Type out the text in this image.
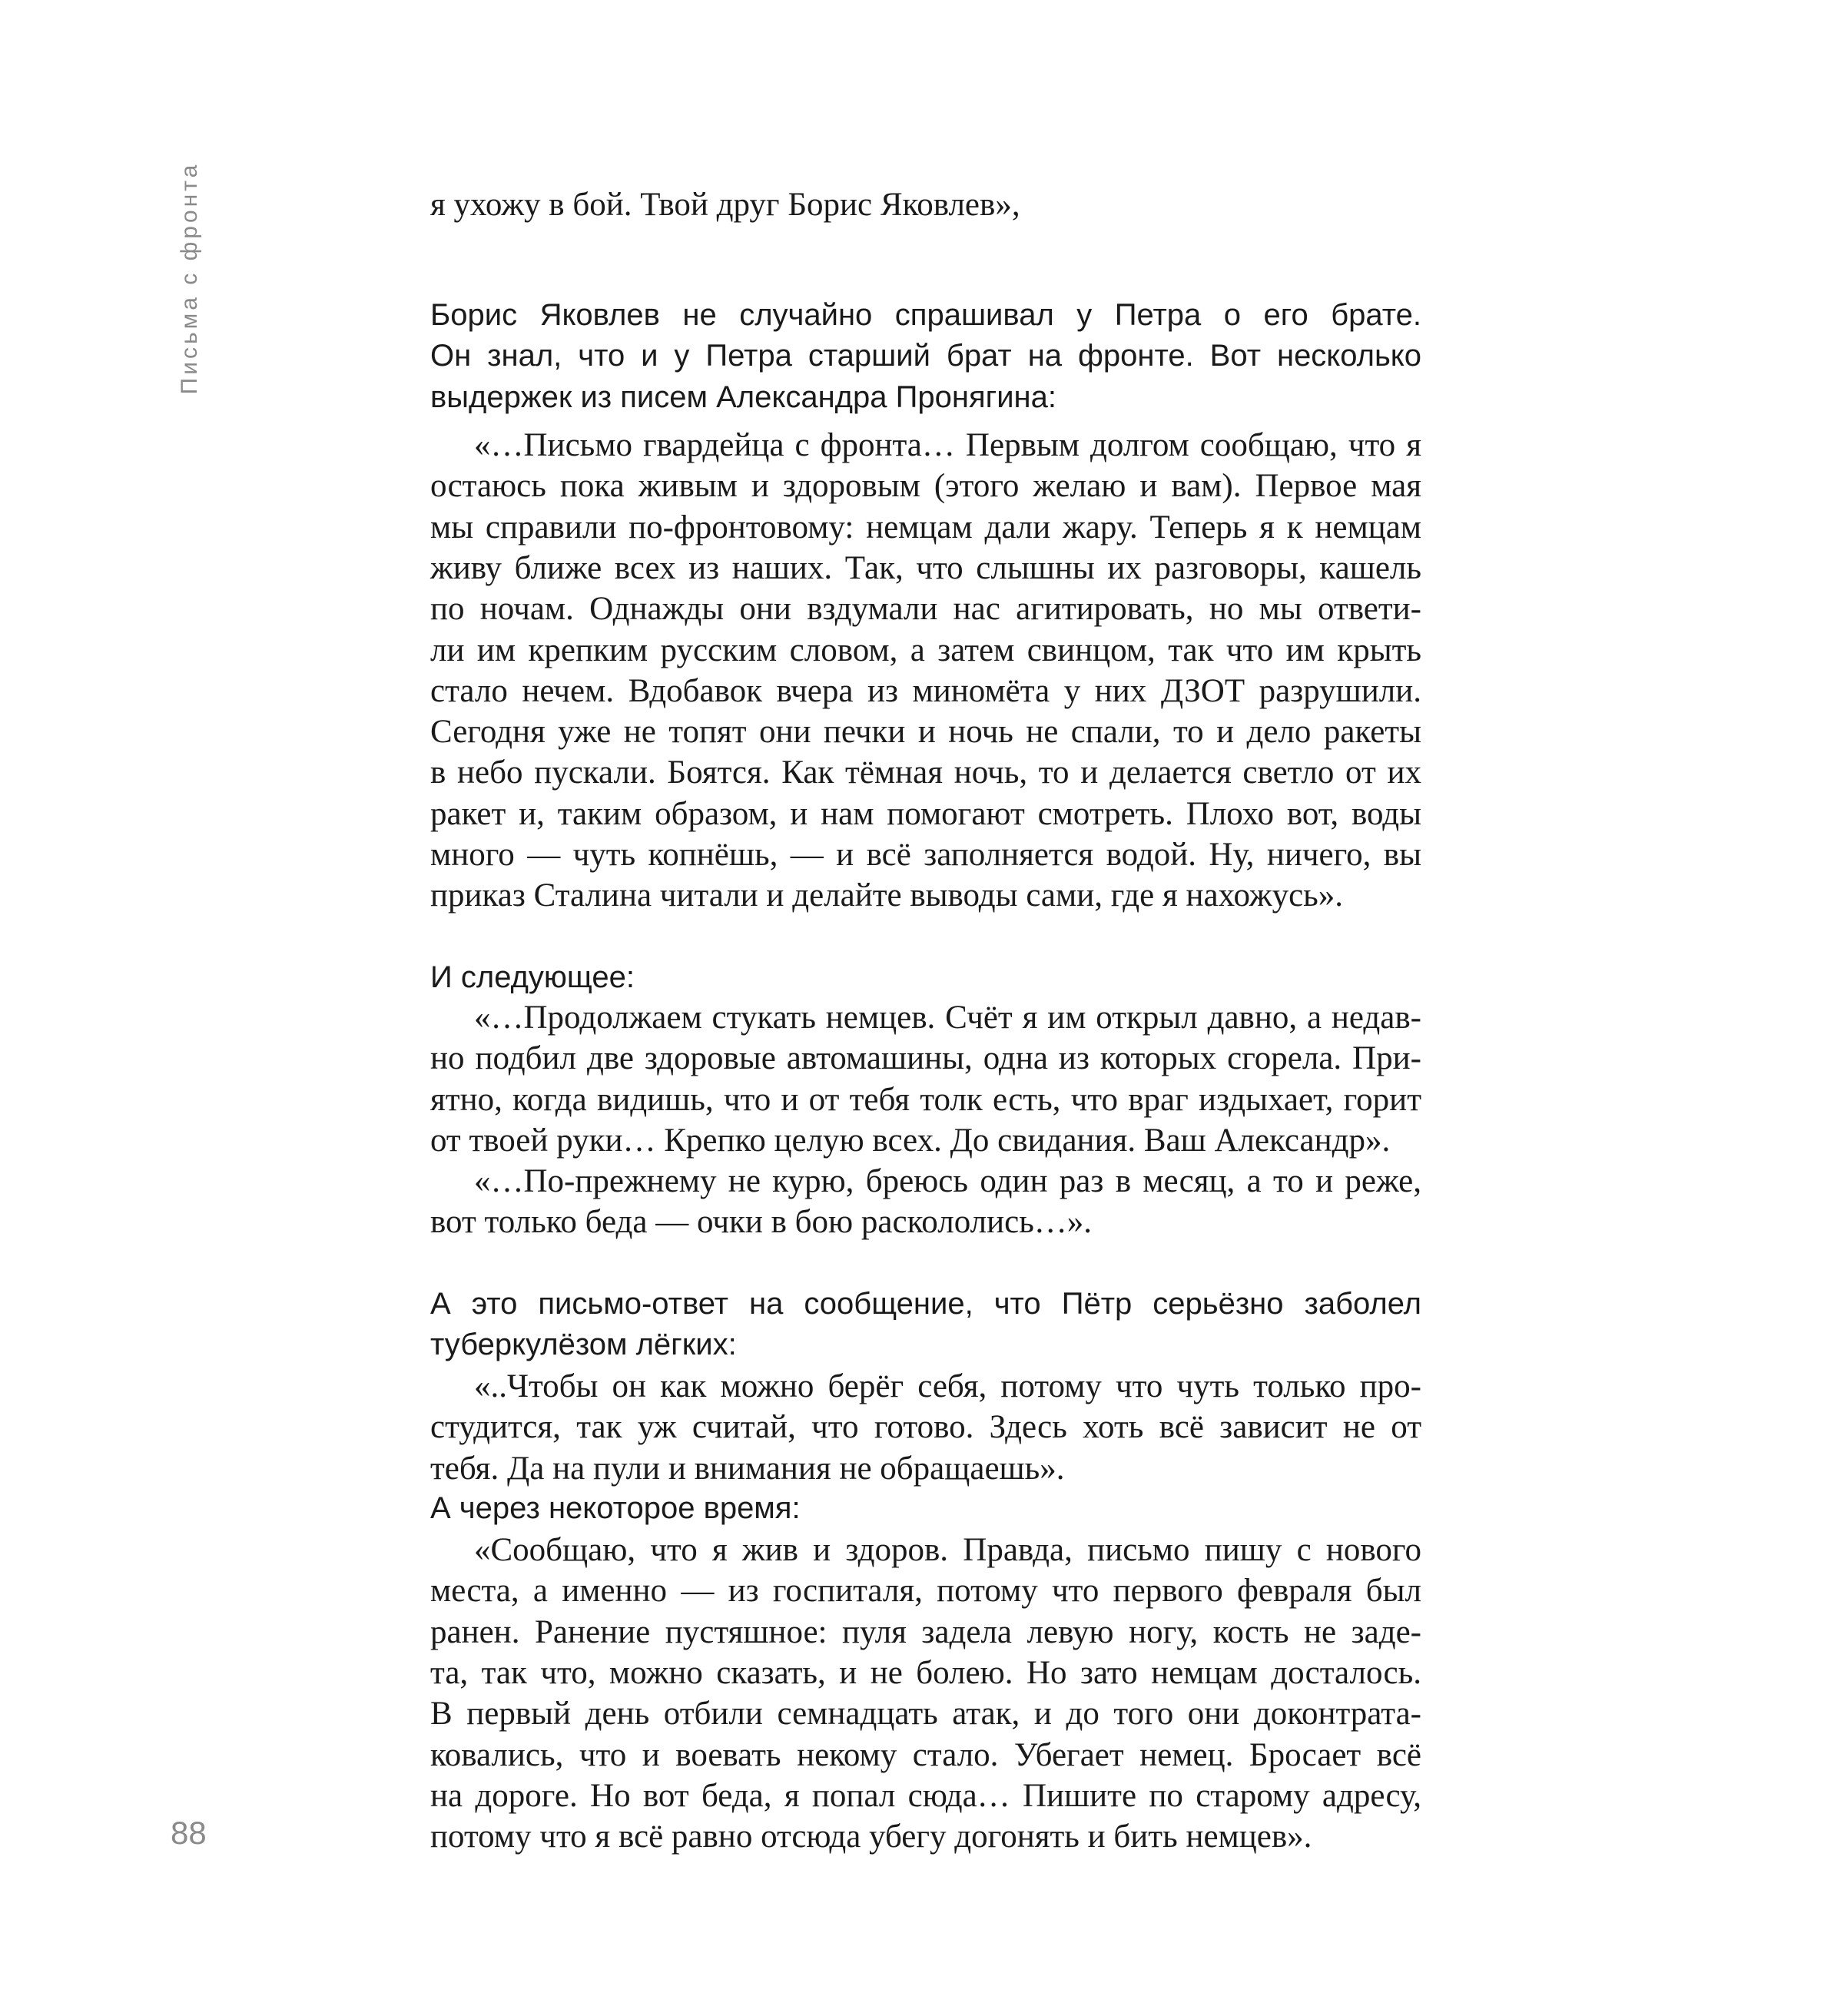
Письма с фронта
88
я ухожу в бой. Твой друг Борис Яковлев»,
Борис Яковлев не случайно спрашивал у Петра о его брате.
Он знал, что и у Петра старший брат на фронте. Вот несколько
выдержек из писем Александра Пронягина:
«…Письмо гвардейца с фронта… Первым долгом сообщаю, что я
остаюсь пока живым и здоровым (этого желаю и вам). Первое мая
мы справили по-фронтовому: немцам дали жару. Теперь я к немцам
живу ближе всех из наших. Так, что слышны их разговоры, кашель
по ночам. Однажды они вздумали нас агитировать, но мы ответи-
ли им крепким русским словом, а затем свинцом, так что им крыть
стало нечем. Вдобавок вчера из миномёта у них ДЗОТ разрушили.
Сегодня уже не топят они печки и ночь не спали, то и дело ракеты
в небо пускали. Боятся. Как тёмная ночь, то и делается светло от их
ракет и, таким образом, и нам помогают смотреть. Плохо вот, воды
много — чуть копнёшь, — и всё заполняется водой. Ну, ничего, вы
приказ Сталина читали и делайте выводы сами, где я нахожусь».
И следующее:
«…Продолжаем стукать немцев. Счёт я им открыл давно, а недав-
но подбил две здоровые автомашины, одна из которых сгорела. При-
ятно, когда видишь, что и от тебя толк есть, что враг издыхает, горит
от твоей руки… Крепко целую всех. До свидания. Ваш Александр».
«…По-прежнему не курю, бреюсь один раз в месяц, а то и реже,
вот только беда — очки в бою раскололись…».
А это письмо-ответ на сообщение, что Пётр серьёзно заболел
туберкулёзом лёгких:
«..Чтобы он как можно берёг себя, потому что чуть только про-
студится, так уж считай, что готово. Здесь хоть всё зависит не от
тебя. Да на пули и внимания не обращаешь».
А через некоторое время:
«Сообщаю, что я жив и здоров. Правда, письмо пишу с нового
места, а именно — из госпиталя, потому что первого февраля был
ранен. Ранение пустяшное: пуля задела левую ногу, кость не заде-
та, так что, можно сказать, и не болею. Но зато немцам досталось.
В первый день отбили семнадцать атак, и до того они доконтрата-
ковались, что и воевать некому стало. Убегает немец. Бросает всё
на дороге. Но вот беда, я попал сюда… Пишите по старому адресу,
потому что я всё равно отсюда убегу догонять и бить немцев».
